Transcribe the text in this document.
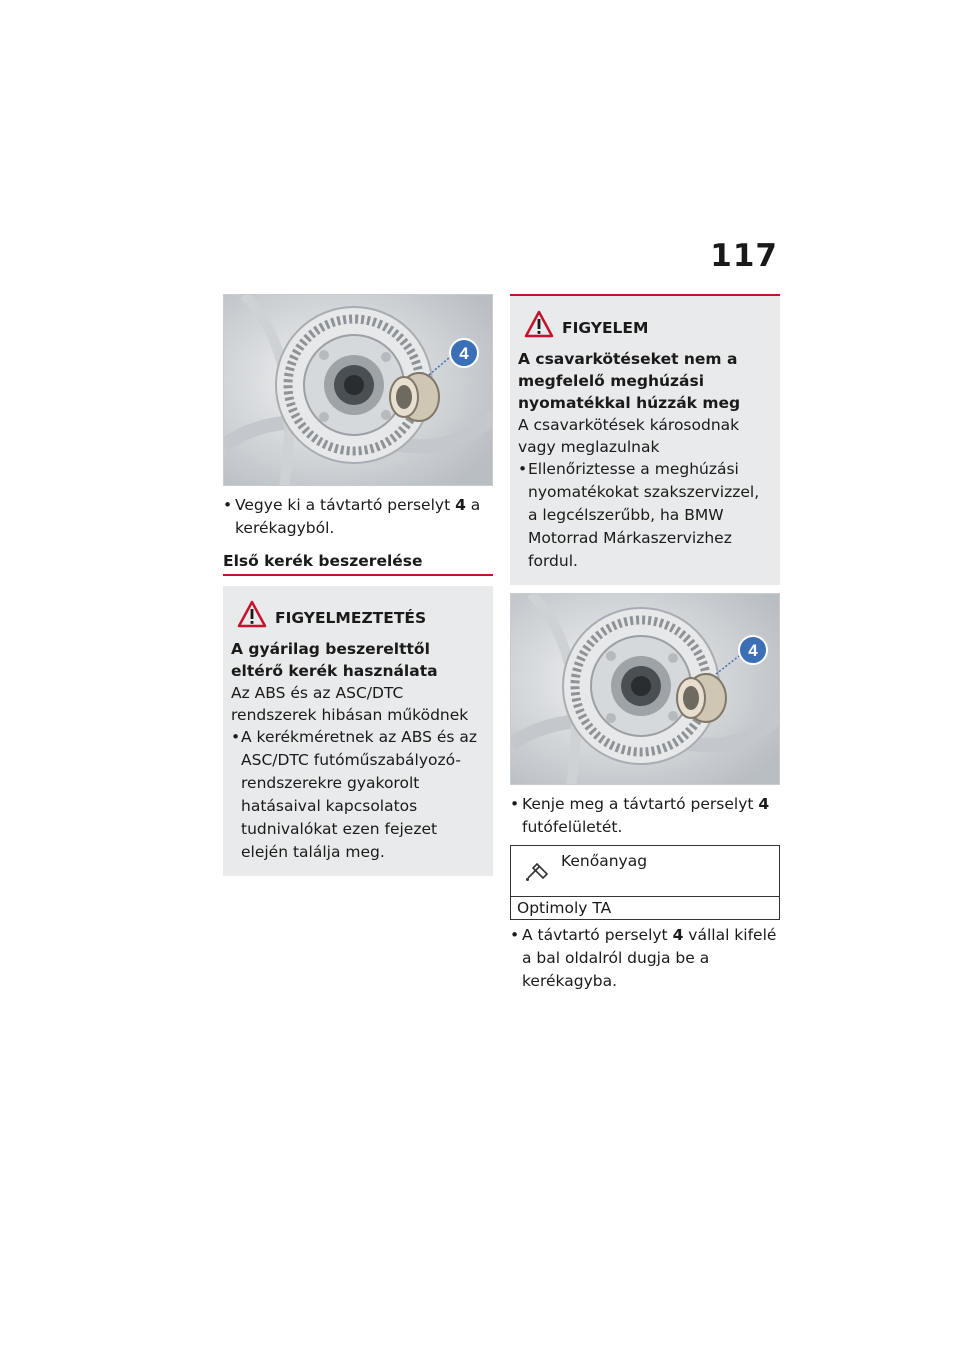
117
4
• Vegye ki a távtartó perselyt 4 a kerékagyból.
Első kerék beszerelése
FIGYELMEZTETÉS
A gyárilag beszerelttől eltérő kerék használata
Az ABS és az ASC/DTC rendszerek hibásan működnek
• A kerékméretnek az ABS és az ASC/DTC futóműszabályozó-rendszerekre gyakorolt hatásaival kapcsolatos tudnivalókat ezen fejezet elején találja meg.
FIGYELEM
A csavarkötéseket nem a megfelelő meghúzási nyomatékkal húzzák meg
A csavarkötések károsodnak vagy meglazulnak
• Ellenőriztesse a meghúzási nyomatékokat szakszervizzel, a legcélszerűbb, ha BMW Motorrad Márkaszervizhez fordul.
4
• Kenje meg a távtartó perselyt 4 futófelületét.
Kenőanyag
Optimoly TA
• A távtartó perselyt 4 vállal kifelé a bal oldalról dugja be a kerékagyba.
